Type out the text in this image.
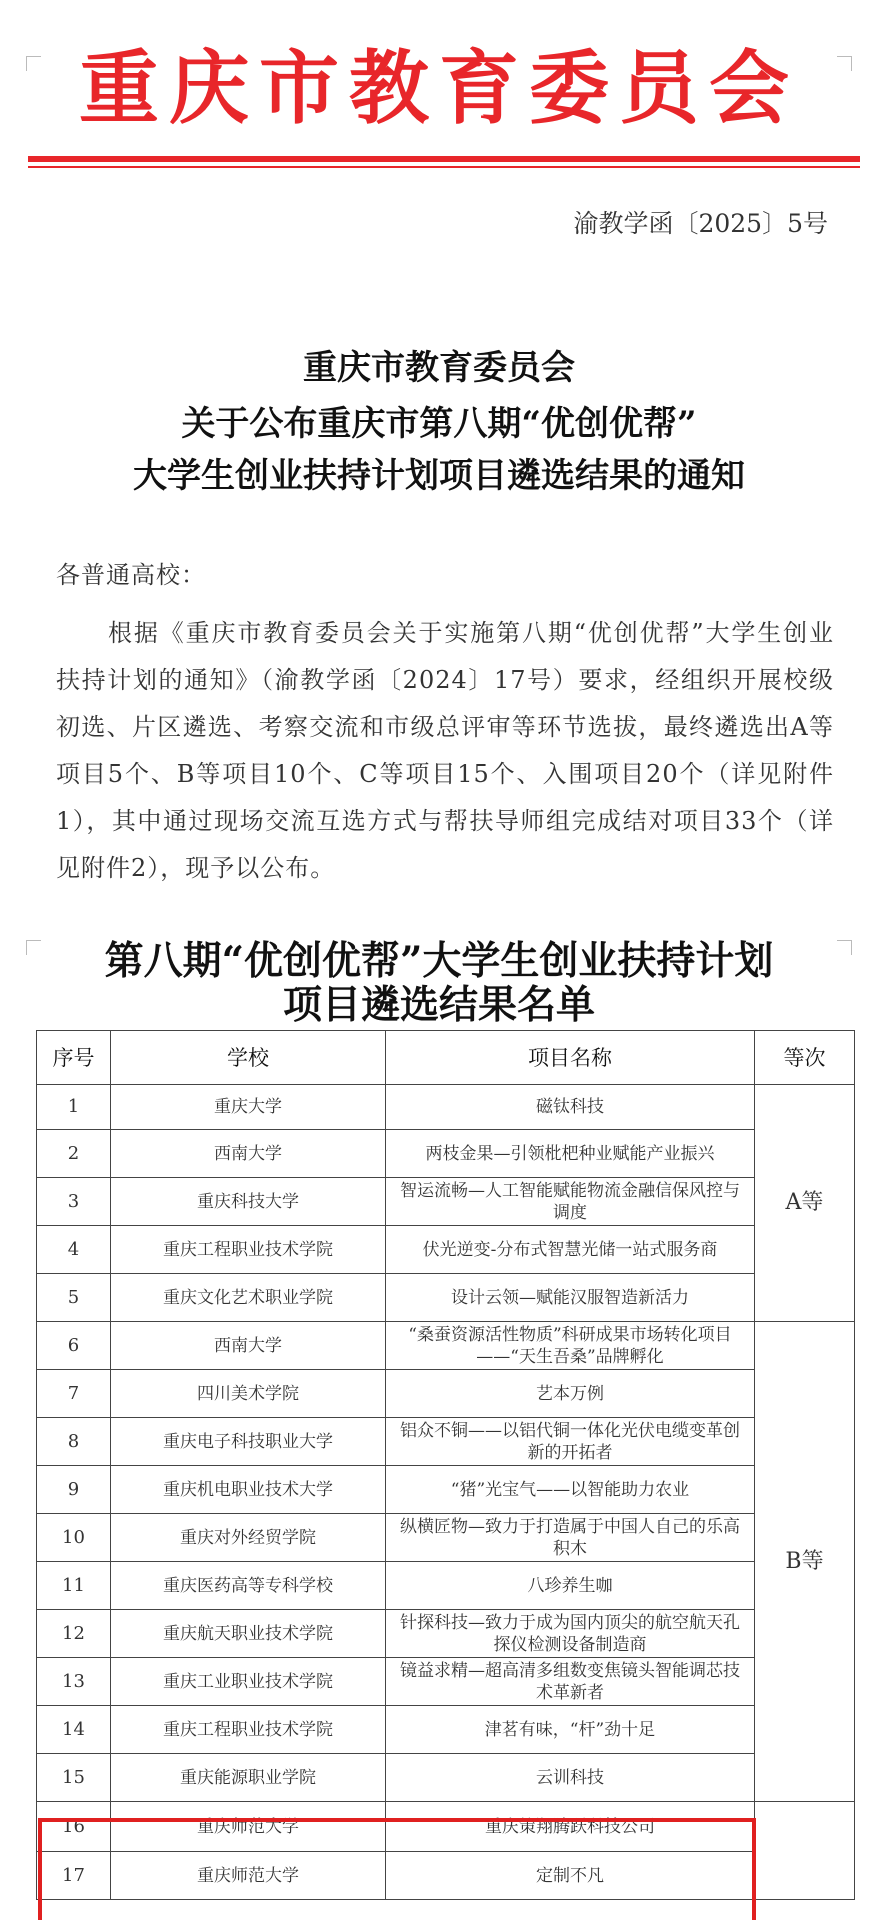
重庆市教育委员会
渝教学函〔2025〕5号
重庆市教育委员会
关于公布重庆市第八期“优创优帮”
大学生创业扶持计划项目遴选结果的通知
各普通高校：
根据《重庆市教育委员会关于实施第八期“优创优帮”大学生创业扶持计划的通知》（渝教学函〔2024〕17号）要求，经组织开展校级初选、片区遴选、考察交流和市级总评审等环节选拔，最终遴选出A等项目5个、B等项目10个、C等项目15个、入围项目20个（详见附件1），其中通过现场交流互选方式与帮扶导师组完成结对项目33个（详见附件2），现予以公布。
第八期“优创优帮”大学生创业扶持计划
项目遴选结果名单
序号	学校	项目名称	等次
1	重庆大学	磁钛科技	A等
2	西南大学	两枝金果—引领枇杷种业赋能产业振兴	
3	重庆科技大学	智运流畅—人工智能赋能物流金融信保风控与调度	
4	重庆工程职业技术学院	伏光逆变-分布式智慧光储一站式服务商	
5	重庆文化艺术职业学院	设计云领—赋能汉服智造新活力	
6	西南大学	“桑蚕资源活性物质”科研成果市场转化项目——“天生吾桑”品牌孵化	B等
7	四川美术学院	艺本万例	
8	重庆电子科技职业大学	铝众不铜——以铝代铜一体化光伏电缆变革创新的开拓者	
9	重庆机电职业技术大学	“猪”光宝气——以智能助力农业	
10	重庆对外经贸学院	纵横匠物—致力于打造属于中国人自己的乐高积木	
11	重庆医药高等专科学校	八珍养生咖	
12	重庆航天职业技术学院	针探科技—致力于成为国内顶尖的航空航天孔探仪检测设备制造商	
13	重庆工业职业技术学院	镜益求精—超高清多组数变焦镜头智能调芯技术革新者	
14	重庆工程职业技术学院	津茗有味，“杆”劲十足	
15	重庆能源职业学院	云训科技	
16	重庆师范大学	重庆策翔腾跃科技公司	
17	重庆师范大学	定制不凡	
